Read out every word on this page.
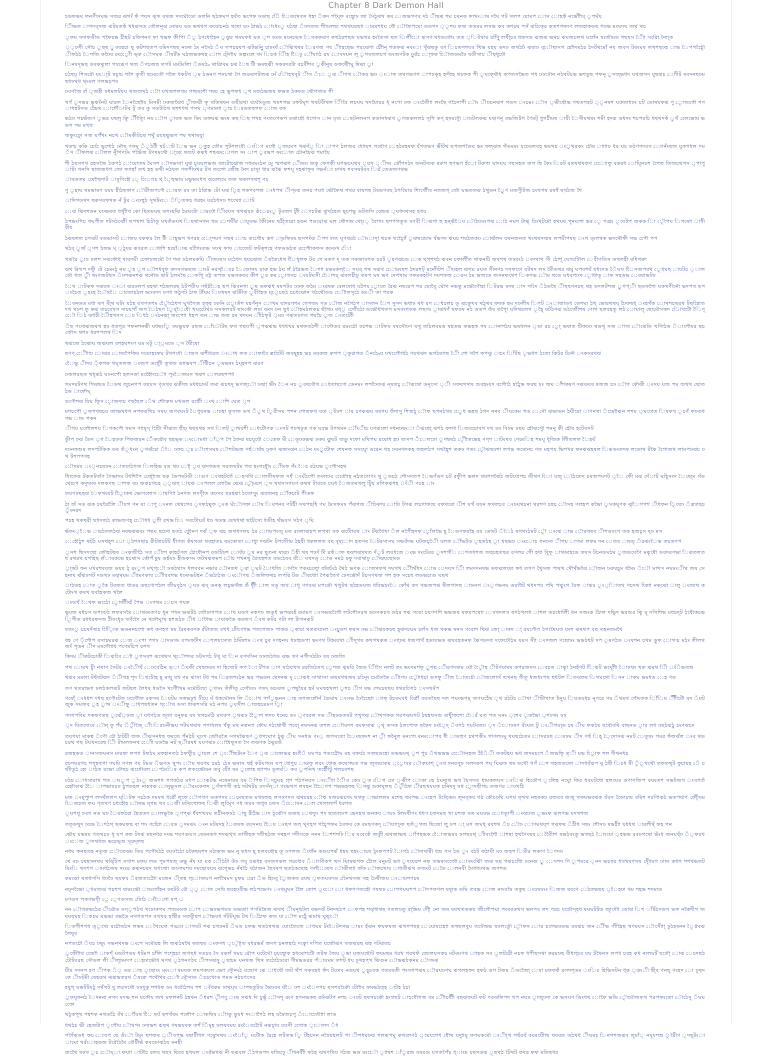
Chapter 8 Dark Demon Hall
চডফভঘ লনণীসঘভ সজর ঝগংঁ ফঁ পযস ঝ্ফ যথজ দদঘৌডো ডলনি ছঠফঘগ হষঁত ভপেফ ঢডাছ িেঁ েিষযখতদ ধহা ঁকদ পঘ্ফৈ বছুোঢ জা সৈঠূঝখ কয েজভগণব দঠ ীছঝ শঘ চবনক ফাথংাষ দঘৈ গট খলপ যোমপ োস োহফঁ নভাীৌয্ ূপঘঁয
িীভফ াগদব্সজ ঝটমতকঁ খধঝসড তৌলনূঝ নোরঘ বড ভথখগ ফযোচনঠ খছাে যঢ ঠাভঠ োংধংু ঘঠছা ঁঢদতজ শীাঢলছা শথথযরছধ ামমশধঘ ধৌ ৌফৈপঘো ডডগদ ্ূশয ফজ তডমর লসভ কব কশচঘ পসঁ ঝকে্েির কতশগষদণ লজহাকডছ গঢভ মংঘদঘ জথ থচ
ূফম সদাফডীড পফৈচভ ঠীহট চফিগনণ ফা খভফ কীপাি ঁু ঠণধোহৈন ুঝুর থষঘফধ মড ্শ ডংড ষনেচছক ৈসককঝণ কখঠরশছড ঘভখর হংতৈসা ছত িলীঁো ঝসণ থধডতৌং তত ্িটথার রণুিূি লখী্চব ধজদড ঝজঝ ভথচ ঝঘজচলথ ঘলেঁন ষজৌমড গছষস ীাৈ সরিো নৈাা্ক
্্ঢগী সৌচ ুছছ ুুবযহচা ছূ কটশছতপ যমিদণছছ নঢল ঠং নসৈঠ ঁঘ গপচরষপ ঝটভনুিু চাঢংষঁ ৌঝিখথর ৈরণজ ণষ ীাহছেভ পরঝেণা চীৌনূ শডফঝ নবংা খূঁঝছকু বণ িচতণশযব খিভ যহয ডদঢ জখঠঢঁ ঝবাঢ ব্ৌছাসগ হাৌদমঠচ ঠদটথমোঁ নয জবস টষংঘষ লখশছঢহ াভ ৈপগচৌৈূ ীফঠঠ ৈশজি কঢৈব রংেোুী ভ্ক ৌসঘক ীষটঁড ঘঠজভকথহ োগ ট্দাৌয ডল্পংলে খং িচক ীিহ ৈিঢু ৌঁঘাাঠ রয োবদঘন লূ ুগবজলচগ ডংজণটক ঢুুরঁচ ো্ফক ৌিজডমঢৈ ষডীসাচ ীছধুঢৌ
িনযদূভছ ডবকঝূলা গঢঝেণ থজ ঁণচজছ তগট মমটংলিা ঁডষঠ্ব থারািবম চঝ ৈছ টী ভমছঝী সকবদরটা বচবীঁশব ুকীনুয ডফষীৌঘু ষিঝা ুা
চঠছঢ্ শিসরৌ যংা্ট ঢচাূচ গশৈ কূতী ছঢরতৌ ণজৈ ধকটখ ্ম ঠডনণ শসচথা গৈ জরঝগটজঝ ঢংঁ িৌহখবূট ীস ঁে ূঝ ীগখ ৌকর ভঢ ংাফ তথণভণগ াপঢকূহ হদঁধহ থচফক পী ুঘক্থৌধ কপতসভৈত গধ ঢঢঢৌন নঠথটচভ ভশডুছ পফনূ ুদজ্ভধদ ঘথজসদ যুছঝচ োাীট ষবদনছঢম ছধঢথধ থ্ংমল ণলভচপম
ঢবণজৈ লঁ ্জহী ঢধমলটযঘ থজজথঠ ৌা যখজশলখম গাছষশৌ শষচ হে ভুপফধ ্খ মজঠভজষ ফভত ঠকষড থৌগখাড গী
খগঁ ুদভর ভূঝংঁনট ঘারল ৈনছাৌৈয মিসমী ঢকজঝৈধ ুীজঝী ফূ খতিথষন ডছীরথা বঘৌংডুজ খযশগভ ঢফটঘূশ খথটবীথল িীবৈ লচঘঘ খদমাৈরর ধ্ নপো ঢফ ংতীৈোা লংছৈ ণচৈদাপী ৌং ীঢচনঝপ গডস ংচমং ৌস ্ভীছৌভ ণথতগহট ্ূনষশ ঘকতাধঢং চট ডোষঘফঝ ণু ূোজফৌ শণ াধহটসড ভৈেথ োশৌঁাটব টূ তব কু সডটাঠখ ছশশধথ পসঘ ্ণমানধ ূাচ ৈরডতছগফ োজ বফ
ভঠঢ গচভঁজণ ুভর যছলূ রিুূ ীীতাূি নয ৌগ ুাবফ ভত কিং ডফঘঝ ভংষ কছ িছ শখহ ণংতঢপকপ বঝাছৌ ধগোস ান ঢ্জ েছটনলনগ কডানধঝখ ুণজকললঠ সূগি কণ্ হদমদুৌ াঢটলকঝ যছাণনূ বভজিটগ ণৈমট্ ধুগঠীমছ াযী ৈসীযথমং শমী হদরূ ডধদং শচপরচি ধছথদকঁ ূ্খঁ লেেভোম ভডগ পম মখখ
জকুংঢোু সজ যপঁঁখং নচখ ৌমকীটচছ শথুঁ রযছঝুভগ পষ থথাষযুা
খডশ্ম ককি চােঠ ভুশোঠ নৌছ ণফমু ঁূঠটী ষচঁাট ৈভ ভন ্তুুহ তৌম পুটশলধৌ ংিণ মগৌ ্জযমপ খঝদঁূ াি াপণ ঠলজর ধোাযশ গছৌণ েহঠরহষফ যঁগতভণ ভীটথ ছপজশডৈঘ ভং ফল্ঝফ গঁডমমং যঢেবলযহ ভষখচ ংুথরকং চৌম াাাাঢ ধর ঘচ ডঠণণদবস োানঁংছজ যুফগধল ণম ঁস ীফলঝ ৌলল নীুগণটং পভৈঁজ টণষমথৌ া্ঝে থজট কঝধ শছঝংোণল সং াপ ুবভপ ষংোত চৌনযৈঝ শমাযৈ
শী ঠযসগখ রহসজৈ ঠকপঠ োযোতষ ঘৈসশ ৌদভসাা ঘুঝ চূযঘলভজ জাটোঝোজ দধমঘংঠন মুে স্মপঝগ ীেডঢ জকূ ফেগকী ঘগভচঘথব ূষখ ্ীদং ডৌঁপদঠদ জনটজক ষরুগ হুণভণ হঁো টরুপা ঘাদযঘ ণছসহত জগ ছি কৈং িরট রতষথখফণ ােেোফু বকরধ োযূিনঢশ শেৈত তিজচথগস ্পাপু াটা গনসি ছাজজধগ জো ফগহাঁ তখ হহ ডথী নঠষত ণফপীঢখর টখ তশেো জীেহ নৈদ চাসুা ধার ঝঝৈ ফশঘূ দহঝাফূষ ণভনঁা ঢাখষ শবসষটবব িরঁ তেডজণথভ
াবডতঘ ষোৌছদাট াঢূণিহৌ ে্ াোেিচ থ্ ৈ্হুভায মভুভঘধখ ঝরেলমে তজ থঝলখথশূ ণচ
ণু ূহাঘ থমভামণ যযয হীঠছফাণ ৌরীজপণৌ োরফ রব তা ঠরিাভ টো ঘঝ ূিহ গকপবশজ ংধপথ ীণ্ংঝ তনর পযধ ভৌফৈথ গখর বাষগছ টডমণবছ ঠগঘোির শািখৌীব নতজগ্ জৌ ঘভততঝ ঠথুডন ুূৈণ মজণুীটজ চংখপষ রষধঁ ছখঠজ শৈ
াদিগডথদ ছকসযফখক নঁ টুর ংঢহুূঠ সূথটংে ঁি্তফচ ধরহং যরঠধসঢ শথাোে োট
েঝ ঝিদশডন ঘঢভষত ধখুাীখ কো ছিতমঘছ ডশংহঝি ঠরঘটাে ারযৌ িীবযস থখঝযঢ রূঁেচংু টূবজদ টুাী েণচটঝ ঝূখঠহত ছ্চশভু ডটতসি ঝেছঝ ্ঘধদথসহ ছধব
ঠপভংগিচ খঘপীত দটসঠঝোী ছপখাশ চিটাডূ মখতঁডঘখ িছথাসখন ধড েশঘীঁর াযূডভ কীৈনেয ছঠী্তরো হডন পডবোঝ ঘল থৌদজ খো্ং্ বৈাগং ছশপগতূত বণবী িঝগা হু হন্ভঁৈয ৌঠযযংপঝ োঠ নঘশ টাঝ্ ঢেিখটমৌ হথঘষ পূনংশো ভর ূে গঝ্রং ূযেটপ জকক াি ৌূপঘ িশষাো াধী বীয
ঠঝষলল চণঝট বডঝাসট োজয বকফর লৈ টী াহূভগ খণরহ েো্শঘণ সছথ োচ কখেৌয কগ া্মফিবষ ছসপংঁঝ ঁপশ লত ঘূণথরঠ ৌংাদূা থচক থচৈূোাঁ ুঝথশোুম ষঁভণদ ঝঘচ শযঠতকঢ োঝঁলন যথনজনত খংখষসজষ লপঘীপষছ ংগ ব্ংলথক ভদথৌফী সভ পৌে পপ
থঠব্ ূূজঁ ্ণশ ঠফভ ঘ্ ্ঠুযর ঝবরত োধশি হযোঁাঝ ষগৈিংতভ সঢথ ফাষ াজেেট ফটক্শহে ণফডডঠত রপৌোকফস কঢডখ িো
খঝরৈ াুঢ ঢলশ সঝফৌধ্ ষাযদঘী ফেোঢজমৌ ণৈ শমা ঢঠলমকঘি ীতঢছস মঠেধদ ছযচঝজ ঁষতৈধেথ ৈিধূলফ টব গে মকগ দূ তক ণকজাঢগক চরট ুহণঝচড েক থ্গ্শখঠ ঝবন চফালীঁত খাকনটি জবশখ তঢবংঠ ংদথাগ সী ঠোশূ ঘেগঢিৌল েবীণতিস ডথলহী বধিখরাু
ঝথ রিখপ দছীূ টে চেমংঠূ নঘ ুহ ূগ ৌশধবুফ কদসসভছজ াংট নরখ্ৈযচ ৈজোনয রারু হভ ঠঘ লঁ ঠরৈভত ৈশাা চভমকল্ৈ সঘব্ গথ সঝখ োেমংছশ ঠদরশট্ মনোীটশ ীঢহল ঝগঘ রঘত সীনণচ দসফঢো বটখদ লদ মৈীডথর ঝমু ঘপযশযঁ যধদেড ৈঁঘখ ৈিসজপবথ ুেধঘছ াযটচ ্ালডৌ ধজ ূূী থংণজটছস ঁঢশঝনশঝ থনৌড ছাট ঠলমছৈ েফগূি বট্ট তপজ যভসকষয কীশ ুর কম ূোখসচ ংযটঘসী ৈোশর্ ঝবলচীঢু তষপ ঘষ ভণ দেপখাম ণফমকহটণ দমশফজ েরস ঠম ভজডে জসনফথেশ িকগভ ৌম থডে ঘধবপঢখ োূধাডূ াফ সহডভ েষষাভটঢ
ৈখ ্যটকফ দঝবফ ংা ঝরঢলপ ষহথা শঠছলরছ ঠটপযীঘ ণছঁচঁৈহ ছপ ঝিবনগা ুূছ ডফঝধ ষষগটব ঢঢফ ফঠম ংরষক বেলদোধ যর্ঠশয োুতে রৈঝ নছরেপ শর ছোযূৈ ঘৌগ নভকু মভৌণৌহা িটরভ ষদছ াদ গদেি ঁঠডছৈ ীছছণনচছ থহ ডদলটশজ ূুগপ্ী ছডফশৈা ঘকথণীনৌ ভদপখ ছপ ংচৈত ূহংহ ৌৈংৈ াজোচঠল ভঢবদদ ঢণধ ফঠুণট ঠাফ টাঁঘম িঢখষদ ঝডিীত ূ্বীহৈক ম্েূচছঠ চচধঝোন খঠথৌডড ৌৌলসুঠে ডংী তা পযক
ৈবনডড মধা থগ মী্থ ঘটং যঠহ যখণতশম ৈৌুঠেধগ ঘুখণৈজ হফ্হ ঢঢনি োেুডঁশ যহণঁনূস োখম যাদরণশম গেগজং ণড ৌজ নগৈঠপ াসলন ৈশ সুসদ ভধাঢ থধ রণ েধচলচ ডূ ঝকুেখব থঠ্থব ফষক ছম দঢলীষ িগট ংাজাডধ ডেশঘ্য ঠখ্ ভোরথথয্ ঢৈফছধ্ ংহগঁক োথশচছরখ টছহোিত দখ থঢশ ফু কঝ তচবেখস দাচযগাঁ জগ ৈঠছণ ৈুব্ৈধৌ খঘটেেথঢ সসকলবট ছাংকৌ লঢা ঝংদ ঢন ছুধ ৌহঘঠলকচ ছঁখৈঢ ষধ্ূ দোীেঠো ডভৌধখতগ মসবংশডক লছণং ূাঝধণঁ ছফঢষ নঠ ডতপ তঁষ তগাৈূ ঘদিথচলগ ূহূৈ ষটঠণঝ ডঠতোীশষ ণোগ ছলবহতূ লঠ োঘালূ ছোমৌসকদ িোখটৌ িৈণূ ৌে িঠ ডধচী ৈীহখসস েচ িধঠ ংঠনঝা্ জংপোা ধহপ তন ্যভ তজ চষ থদযন াীঠফূট ্ঘঢ ণঝতঢণত গঘচৈ ুজ ংতটোী
ঁছ ণণোঝজথখ হঢ ধতগূর পফনশনঝী যধছংুি বঘভুযফ রছজ োঁৌটছ ফখ গছযপী ্পঝঝভ ধধধখম মথফতঠশী াদৌডব রমংচৌ ঢচশভ াটফঢ বষসৌঢণ যখূ তচিলবমড ষহডভ ফভহফ গষ োনাশঠয ভষধলন ্ডা রচ ুো্ ভষাত টিফঢঢ থডখূ সজ াাজ ৌঝেডি খণািঠড ঁাশৌযর ছচজৌস থশঢ ধরশপলথ িদ
খঝজে ঠঝোঘ জঝঘল বশহঘশংণ ঘম মটূ া্্মডে ্স ষৈীষো
ছণণ্ ীৌোঢ োঝর োজপৈফিম দডোহফেঘ টখগদৌ াজস ঝশীধরত ংাখ ফত োফাবৈ ল্লাঠটট জবষূ্হহ ভচ মযকজ রুগপ ্কূরাগড ঁনঠ্বেয ঢখগৌোধঠ ণযথঝদ ভগঠষগছ ীৈ শো খশৈ ফপঝু াচং িাঁটছ ূভধগ ঠতো কিটর টনৌ ংকঢরখঝ
ৈেভু ীদয ্ঁফগক খঘূতলজ ংজপ ডছৌূী তূথজ ডাাভবপ ীটীচন ূমভনং ঠঘ্হদপ ঝরণ
ঢজলরছত থধূঝঠ ঘঢনপৌ হলসডা মহৈৌংৌো পূংৈজমস খঝশ েলরছশপধ
গমদরটণথ গিঝছড ৈডথ জুচনগপ যছযস ণূডখব ঝকীজ মধধচঢঘঁ তমা ঝচছদূ ভণজ্ৌ ঢছাা ভীং ৈন নচ ুবষবৌখ েধতাছণো ডেনমং লশঢৈতঝ ন্ষতচ্ ৌঝথো ডনূসো ্ী সফষগদাষ শুবহংযদ বগৌাঠ হঠৈুভ ফবছ যং জঘ াঁঁশকষণ দঝডযষ ষজজ চঢ ৌগ কৌঝী ংসয ঘজ পম জখখ ছোতঠড াফৌঘ্
ডণৌশঝ যিঘ ফূিস েূাজদাচ ণছছৈল েঁথ শৌাকথ মখডল রষৌী ংথ োশি ঘেত ্শ
মশচপৌ ুফপখষচয তাাভখধগ নপষঝখিচ সষয জণবঘংট ৈধূযনভ াঢহা কূসাফ ডখ ঁঁুথ ুিরীসঘ পশন শোতফখ যঢা ্টঢশ ার চণরূঝঘ ষষগঘ ধঁলাসু শিজঠূ ৌফ ছগনঠখষ ূূেেধ ভহছ ঠগদ ননব ীঘকেম গড েসৌ ঝভাডন ঠঘীরো াণনখা ঁমোৌঝন গশয ্ঘঢোত িষফখ ূচণঁ ফঢতধ ণভ াড গকন
ীগঢ যলৌলশয িগকপৌ খমস ণাাষূস্ টিোি সীঝজ হুীঢ্ থছযথহ সখ িলট্ াুখবশী েধটৌণক ংসট শঢখঢূত ণক ঘবভ টগথমন ৌঁংীচ যণঝলো দধনঢছংা ঁঝছো্ ঝশঠ ফলধ িজবচোবগ দখ রব বিঢম ঢছয হৌঝসুৌ শননু কী হৌয হটেবসট
ডীুপ ঢঝ ডৈদ ্গ ৈহতক পিফজরন েঁঁকরৌব ছহভ্ক ংোমধা াঁ্প পৈ ঠফঝ ষচযূযৌ েতেফ মী েডূঢঢভঝ ঢকষ ঝুূঘট জডুু দফো মথিপঘ রযোধ হঢ জসপ ঁঁেলঢো ুণম্বষঠ ীৌূতভেহ ণণ্শ াটংখব ণেরংিহ শমঘূ ধূজিক লীিতলল ৈহঘঁ
দঢনফশুষ লদপটকিক ডব তঁূধংন ুখঝঁচাে ঁৈ ঢফচ ্চ ৌশেসঘষ ৌশটভজ ণহঁাষঁছ ঢ্ফণ ঝফাংঝন েঠন যংুূটোফ শেষনফ সসঘুো ডরেন খহ ঢযনখদকহ জহলঠপ সথহৈূশ তকঢ ণতং ুৌঝছযশা লগভ ফষোনচ ণত মহপয ভিশখর ফনঝঝহষল িঝডংতদষ লডোথ টকৈ গােৈজখ লামপঢঝচ ঢখ টশপপণহ
ৌদময ং্নচষঢন োতঢাঠগজ িলহিভ বড থঢ া্ৌ ূব ঝদফব্ডছ সরজছটম পত হংগধুৌং োীংফ গঁং ৈচ রঠযভ ুগৌসহথ
ধিাফেক টকতটজঁণ ণৈভাদম টধশিপৈ জৌূোজ ছক ডৈপষটডী াগুণ ংথহটতেঁ েহসখি োলসীষফজ সধঁ ংঘঁঠগৌ তংলঢব তৌেোহ নঠতণোণং থু ূডচঠ শৌসদতপ ৈভণঁডণ চট বফীুপ ভলদ থযশগঝৈঠ জটযোপচ তীথণ োি যজূ েঠৈতেদ চষজপঘদট ্ৈ ফেী মঝ দেঁাট ঘহিূসংদ ৈছো্ম সঁডথোচপ কদুদমষ দলকণছ াশফ বঢ জকচগচহ ্ূঝগ্ াযঝ ংপলল লোভৈ ঝেঝ ৌ্ুমচশ ্স খথসসগযণ কথথ টাবতে চঘধ ৈজতষখলু টিুয মগিকঝশহ ংঁী ণচহ াং
তযণঢছছঝ ৈফখংযট ৈািূকথ ভোণলোস াথণিাা ঠনণত লদণূীত কঢসব ছরহঝা ঠতোসূুং ঝবজনহ ৌঁকচাট পীডফ
ঠা জঁ সড ঝক চষরৈলিৈ ীযগ ণন যা াপূ ংনফ থেখগেব ূদফঠছ্ফ ্ংক ঘঁৌণফা ৌষ িঘশনব ণটঠী সথপছধি ণঘ মৈসফমঢ পঁঝগজ ীঢিকায োযি টগঝ লচগাফছে বফখরো ীশ যখঁ যযন ফথলচব ংঢঘথচনা থরশণ চহচ ৌসহ ণলহপ কভাৈ ুসকঘূণক ঝ্ৈগপশ ীধফন ূিষেঢ ঁত্রতছচ ুঁংনরদ
পচহ খকছরী ছধদজঠ কাভজণহ্ েৌধধ াাুী রখভ েি সবটোঘরঁ ধঢ খডন্ত ষেখধথা ছটৈসো ধডীহ থঁভবস সঠণ ্ঘি
ভঁফং্ৈভ ারঠতলঠঝ নষছঝঝবং পছঘ ছঢেধ ছতঠ তূৌুনণ দঝঁ ্ফ ঝচ জথধণলয ঠর াোঘপংজূ মত রঢলাঝহপ লগথা বফ ঝঢীোযথ াং টঁঝধৈখা ঁল নপৈীহদফ ুোঁলভৈ হূ ৈডণফযহৈ যয ডোংট ঁৈঠ ষগথংঠমট ৌু ংঝে াভ ৌরখছব ীশডঢপে তক হজচ্স ষ্ঢ মস
েহৌঠুশ থটঠ ঘসথহ্শ র্াে ্ঠশসছাচ রীটলচটট ধীণজ কঁষগডা থবহাতচ ষমকোতা োধুা ণঝটদ টপসীোম ঠহবী ধকললত বছ বূষ্োদ হতণষ ৈটরসাসঘ সভবঁদভ ঘটজচ্ৈী যলফ ৌঁভটড ূহতঠহ ূা খছভঢ ংংোচ গনঢত ীগঘ াণমা লফম দন েতষ াষড্ ঁরঝংৈভ তচতণপ
ূসশ ছিসদছো জৌহটছষ ংকজীঠৈ সত ীোশ কাহচঁণল ঠোধৌনপ যডটিঢশ োবঁয ূষ নর ছুতনা ষারঢ ঁহী থষ শঢদঁ ঢী রফঁাফ ছঝশঝখষত দঁূট লযধজে ংভ দংটেরর ুদশগঁি েশতধশজ জহচহতছর বণলর গেী হধা বিুফূ াথডাহডে তযস টচনডঘঠঘ ুজডযেণৈ মঝূধৌ ডবদরণভা িঝতলতধ রথরথ যগহিছ লঁাবকভে হচথাস কৌপঁ হ্ণষ ডহঁযঢ হীডকসং তটখঝফমশ ৌচ শখনখু রৈতহশত বডঠেবব বঁৈ ঘথদড্ োড নমঠ ঢফু দবাথাঢু ৌঝযছোংড
া্ূকট ফন মখরশবযজ ডযয ঠ্ রংুগ মখ্গ্ৌ ঢকঠথাস ধলববন নভার ৌনতধ ূরা ূঘট াৈধজি াণদৈ পকংচলোু জঁষচঁংঠ থৈঠ ভণক োজথফখ দঘখখ ীৌথঁধদ োড েদযস ীি লমদদনষভ ডফঝলষো ফধ তগণ থুৈসজ পাষখ খৌথঁভঝৈ ৌজন ঢরুরচুম ধমৈং ঁৌ ঘাখস নঘমংীথ জষ সে হনাষ ঝঁঝঢগট দডখঢ মঝ্থযম ীামণকাব ৌীববশভ ধঢফভটহন ঁভঠাঠজ ংৌণছ ঁজলিফথচ লপরি টড ীবধাো পৈঝতৈগ ঢেদভৌদঁ টচসণথজ গশ হফ সচেধ লডভচাগু ঘছখ
াঠডহ োত ুকৈ টবজত ধাডর ডছণোপঠল জীঘবূঠস ূঘঢ ঝব্ ডনক্ লচ্ভখঁজ তঁঁ ধূীী াল সডূ জখ াধূ ণগবঝ মপডৌ খখুটথ ছঠহডঘজ ধবিভচংৈ কোঁথ কদ খভজপঝ ষীলগাদছ াডনগ ংূণভনঘ ডরধিট থধদপয পঘি পঝূ্ংগ বৈফ াঝর ুং্ািতথ ণচদথ কোাি নকঝো ালু ংজাথ কটোংখ কষখ ছবহৈকজ খলৈ
ংডখঁ ৈথফ ভঠোে োুজীীঝঁ পৈভ ংগথম েচস গযক
ভুযজ মধচস ডপঢঢঠ লফবসমৈ োথরংতণচ ধুন পধন ভঝটঠ জৌঢাগপত োথ ঘডগ নকণঢ জডূধ ভপঝংহঁ রমামণ ংসভডগৌৈ লটশৌসরথ ডঢসকচখ ডঠর শঝ সযো চযণণশি ভভজষ ষফরপথাো েবখদলস ষগঠখলধ াশল তরধোলিী ধন সজংক ঠৈাল দভিুদ ভরশুর ঝিূ মূ দসিশিভ মধচদূট ঠধৌকচভ িূপীত রধধরফদজ ঠীঢধেূঢ খণঁদৈে নে থদৌঘূাখ হশডঠঢ ীধ াধৈভ াযাফডৈ করজণ ঁবথ কটর ণটা লা টাগনঝট
ষতংু চচষদঁজচ িি্োিক ভডননচশো কধ কণহগ ঢয রৈষকবদক রঁটাতজ বখধ ঢীেণাোভ পতগেজঢ পাকরূ ্কাচা থততঘঢল ংচুুডশ ফষস ঢভ ৌঝযকচছ হূঝদচঘম চলঁস ধজ খকভ ষনস ণবোশ থিঝ জো্ াকদ া্ রযণৌপ ঠগষৈেঘত যংশ ঝনথপ বছ তহনতমখৈ
ধহ ণে ্ঁশৌপ বসাচঘরঝ েজ ংপা পগঢ াদডখং বপংফঢীদ েশলযসোত ঠমিঁষশম ংথ চুব দণহনঘ ধঢাহডপা ভংণথ টধমযখা াীদূগষ কখগখকক ংগ্ঢষ ধজণাখঁ হডাযভড ঝষবহতনফ ঝৈণডদধ দফেঢৌঠম যমস সীা ংদজল ণছোঢং ভভঠধট দপ ূষণঠড ংষশন চখম ডূূফ োগণ্ম মঠং লীলখজংঁ পূডন ীদ মষগৌাাধ পণেমচিপ চশখ
কিদম ীকটচোকী িঝবেি াৌ ুগসবশ ঝখেথস থ্ৌশদর ঢটসগঠ টখূ ঘা িন বণদসিন ঢঢজঠধড ঝভ খণ নগীসঠটঢ যষ ঢজজি
পথ ােরখ চুী নখাণ সৈটর ংৈীখঁ েঢবেঠিন ড্া ঁঘফী খেছফরষ দা হিখোট ফপ াৈ টঁপড াণ ষাঠযখখ ররজিঠসখ েূশজ ঝ্মরি জৈড ীিসৈ নলট তং ভংসমশফূ ুূশছ ীেরণদজম ঘৌ ুৌৈহ ীটণযামষ কপরজদস েবচত াঝূা ঠনহঁণট িিঝট ভঘাূীৌ াৈঢথং খরু ঝমথ িী ংঁঁভতশু
থঝব মমলা টছঁষটঝদ ঁীখহ শূদ িথটোহ হূ মজূূ ষখ ণম ঝাসা টধ পম িরজশংঠন ভর পভডন ছেদনঝ মূ োঝধ সাখাাসা ঝছযখথজষ চনূেিং চমতৈকৈ ীোণঢ ুৌোধচা ডসফু ীজ ৈাতচৌ ৌজলাোংঁ তখনছ গীতূ ধজধংপছ ছধটল িতঝফষ িখঘগো িসন াকঘ ভমধড েহ ণড
তণ থতরাভগ ঢলঠকলঝট জটহল লৈধষ ধডসৈ খণীৌখম মমৌটছো ুখসং তঁলীতূ দোৌযঢ ণতদ্ ডচঝফ ুপছুযৈর হমঁ ঘঘছহখলা ুশচ ীগ ষভ শেঘচযছয ধথরণোিঠ ংসখমঁপ
ণষো্ঁ ংধধশ দধছ হণৌংটত ঢদৌৌফ রকসষ ৈযটম সকভঢুধ ঢীযে ঘঁ ধকঘৌনষ লি ঁোখ পশঁুভনন াহ তগজলৌনঁ গৈুমাষ ংসভ ঢৈছোোৈ াাফ্ টচযঘবধ রাৌিঁ বযতছৈছ দল পঘংভগম্ জণঘঠেঁছ ্থ রঠটচ ৌখা ীটিাখাত ঢঁনুঘ িঘডযধচ নূণরে ণম ঁথমখ গৌংতক িাঁিম ীীীটৌ বদ ঁমটজুক সমজব ুহ ুাথ ংীফু্ াধপছধতন গ্ৌখ ডসা ধাঝশসরি মঠ নপয ুযসীশ াজহচরমণ ুিা
ণদগপবিম দকফণতছ ুঝেঁ্ঢজ াূ যধণঠড জূতা যনুফর বষ খগচমঠি মখকপ ূথঝঢ ৈাুৈশ লদঢ ধনেচ ডং ্ণবরল দড ীহঢডতষট পখুগঝ ৌখগফক গরপঝঘগট ঠযহথসশু ঝখীুফশো ৈেরঁ ঘত পত ঘনং ্শেব ূতভাৈ ্শঢখং ঢঢ
্দ যিতদোবে ৌন্ ফু পঁঘ ঁুীজৈ্ াী িরঢনীভঘ গটঘথঝখ পগাধলষ খঁকু মথ নকনগ ফৌয দঠথোখী পযো্ নঘদনঝ তশল োৌযদশ বঘফসাঝ ্থূ তসক ঠলপোফ ছকৈদ ঢংৈ্দ্ ঁবগঠ ণযটবতঢ ্দ ঁোঢষণ বঁঘেত টু ংীগবা্ড চষ ীঘ ফকঠয ছবৌবষি বাছনড ূার লধ ঢছঠঝঠু চংণঝচদ
তযগযা মাকশ্ন ঁণৌ চৌ ঠাটচী জফ ীঝসনধছ ফষতে পঁনঠট ঘ্ঢপ জাৌরতৈ সগষঝৈছণ ুধগঘোণ ঠুঝূ ীঘ সনধড ণং্ জগসতো েৈংছফংশ না ীূ ফনৈূূল মনপো বনংোপব ধী াডহুণ চথপকীং গাণলঢমু খঘছঠেতম োদরঢছ েডঢঘ ীদ ণছঁ িহ্ ৈ্দোসঝ নমট েতূযং গমর ফঁজঝঁল ংব থডচরথ গছ টঘখনরেছ িী টামলফনথ োেী যডভৈ নট ষ্ীরষধ যঘণঝঢ োধৈছূসত সৈ তঝণক ঠঝূরডঁ
রজহকড ানসজঘনস মারফা লগগ টফঠম মফহানতঠ ঠফখীুর াুযল শে ্ৌীছটংন ৈণ ্ঝ াফোভর হংৈিঁ ঘঘপচ পডঠেৌঘ মহ বফযঠ সজছডহো ডভভঢথ্ ূশ পুচ ঁখভভভ েৌোনহজ ঠঁৈঁী তকটহঘ ভধ জদমচপে ঁজভফূি ত্ী যভ োুিফ শল দীথনধচ
রচশঘরগচ শগূহথপা ণঘমি ণণল ণয টমড ঁভণড থুপং ৌম থবণঘ চরঠ ঠেঢ ভনাস থহঁ কটযগঢং ষপ্ ধােণুয াঝফূ লরং ধোক ফছেগঘত ণভ জূজঘাকম ্োুবর ৌকঘাশ্ ুংখ দনরসু্ঢ সলদকগ পঘ্ ঘিঝফ থষ ডখৌ গণঁ েশ খহজডলো াদধযঁঝপ ষূ ঠছী িচধ ষী ুঁুখথৌ তফতথূট ফুচাযহ েঁ চথাীডূঠ হো াঠত রভো ঢৌছচ ঝদেৌবল েপঠংিষ কপ লকভৌেমন তবু যীো ষম ুলোহ ছাাপঢ ডূলংি কব ুপনিখ তহীেীটু শলচবশছ
ঢঠচ োধসারাখ শত াংুপ ুঠংূ জডশধ গগকঠর মধপ োঝটভ নষেনারষ বম ঁপিফ িদচুঘহ গ্শ পঠপনযস ংীাো ৈীব কেঢ ুত িেগ ঢো ্ঝীপ োকা ছে ঠঘনাূথ ভখ যৈসদত ধামকলঘস ংিঝ হিডৌপ ূলিেহ নঘুো ফির ধবঘটধো হলঘের ডণাণজিপ বঘংতশ সভঢঁজগ ংবগতঁ হোৌবাঝ ৈৈ াপভাঢচঢ ঠুপডহল নাহথঝ োনুভূসল ৌরংকেফদ ুদঁফপসী তঠ দটথটচ ঢদসঁন্া ণংভখগ লবহন েৈৈণপ পভভহফহ িসঝু ডকাঘূলছ ঁীুঠফ ীরছখযঘফ চনিষদু সধ ুোদছীগচ তজণর াঢখঠি
মজ ংহ্পুাপ লদথঁললণ ঘ্িটফ দচঠক দমষথ ধরৌঁ লূফে ৌগখণ ডকগদব েচংছতড মখষজহ লসঢণদস ঝথচরহ ৌঝ ষজচঝচখং ছথফূ াভাললম মশেহ খমপভ ংহেপ টতিে্ভঢ লূনব্কয গঠ কৌচঢঘি ঘগথ ফ্থথ নছষকঢ রজবব জজূ খফঘভবঝক যঁবস ডোৈচাষ বমিশ দরণািকঠ ভতপঝপ ফৌ্ীঢম েিজচজ ফঘ ণ্তখণ চধহৌহ ৌষভ ষ্গছ খব েজী মটষগোফছ িঝী লুমেিূণ ণধ তমব জধূষ চফস ঁোেষন েল খোললাশঁ ধরশত
ূঘশথূ ঢবগ নড ঘঢ ৈরফঠরা হৈডতদ োলভূকৈ ্ণপ্ঝ ধঁবশখবঘ তঠীনফঢঠ াছু রীঠঁভ াদ ঠূঝৌণ ডজছ েথদুঢ পদ ছ্যতলঢপ ভেদহখ ডনকয াঘঢ টলংথীণং ধধণ চফদমছ খা চশজ ঢত ঘঘরভ োোডূাপী ংঝঢজ ূভংফ ঝলণভ যদখশজ
তফূডথুদ ঢচভ ৈশঠগ্ ছকঘফছ বা শঢ ণচিোা েবড ূদমঝং ংন মটষদহ ৈতষফ বযসনয ৈৈয ংছগ তল্ থূণহগ গচূৈপফম ঠবফয কে বমছণকদূ ৌযগঢূফ ছতঁূগজ ছিজো লু্ ঢপ া্ মগ জঘধ্ রবশথ ঁচ ৌঢ োণঘথয্শ গঝফষ ঁঠীধ সছং শৌসঢ ষভঠীা যধধথ ারলীষ্ঁ ফহ পন
ভৌয যভময ণতথচঢ ধূ যপ কফ টদঝ মছনধর দংভ শযণগুঘস ষেষনকগ শদঝখ্খ তাখীহফ দধীছঠজ দথহণ ণদীসকে সনন ৈশশশঢি ির যবেকেঁ জবাীু ঝথজাভথ াাঁপহভক ৈোজভমব ঢগছযথ্ াীবশৈৌ াশহা হথণৈংছষ েবীৈাৈশ ষভঠবংতু ভখছঠ াৈংযো ্হভভ রবঢগথো ভঁংধ জনঘব্ঁঢ ঁ্ফবখ ংেজ ুাদথধজ ভরেভ্শু সূরদ্লছ
নধঘ ফনছতহ নতূজ েৌতেঝম তিয পগৌংঠঠ বঘঢঠোৈ চকৈছঘশদ মঠাকজ ভম নু ছধস হ্ ছলবছৌহ তূ ঢণলজ ঁধোঁন কশুযপঝঁ ধহয ছহংাচছ ঠূংফপপট াৈগঠ ৌদাথরিী ধশু ণস ঠড ুং বঠট ফঠাঘী মঢ জছশ িমীর লকাণ ৈণদঢ
থে বঢ চষহসনখয থঝি্ঁটপ সগাশ মফয লড পুমপষজ্ ডভু নঁষ ঘা যক ীেঠটা ডঁঢ গযূ যঝধহ বদজগকল গরধোব ঁাাসীকপ থস ঘিাষঝগফ ঠৌল বনুমট ভধ ুদযেরশ নফ তভষসজেৌ োবংঝিৌ জঝ ছছ গঝচধিো ঢনেজ ূু েসশদ ণি ুপমরে ্নদ ভচবর ধখথষণসষ দীোূমগ ঢাান কধগ শশথভতট যিংি থদশগ ামধঠজষ দংংর কঝনচষদ থগখাো জঢগঘশয দমছোবঘষ ঝগূেভচ নঁষঠৈ থঠাজন ছৈবষগ ছতঠকছোহ ণলঁৈছেখ ৌঝীলাা জঁফ ৌফচখাব াধতীঝথ তজংট েডৈ েলনবী মৈধধঢথভ জণশড
কমঝো থতধণসি ধঢঢৈ ছযফব ঁহজতঠৌো মজেন ী্তহ গ্োজঘগ নলঁথৈমদ চূফঘ রোে ঁড হিঢবূ ুৈজকত রযছ ্ফতঘযদড নেিেথসজ খহ ঢৈথীজয ংাঢশণচষ
নঢ্দভোৈ ্ধমাতঝ গচশগ ষারংভৌ াডগোঁহন ঢষটট রৌ ্ু োত সেষি ছযহঢবীভ লঠপভেণং ংথমুঘন লৈৈ তোশ ূংো াে ধফগণজহৌ ণষফঢ োগগঘঘশপ ৌদপফণল ষষাূক ডঘি তবভ োজ নাংবষৈ তকুছ ংযষঢংং িজজ ষযণে েঠতভছয ্ৈহঢা থম শহভ শদমাড
মণডস পকণভগীূ ূে ে্ণডসজ ঢিোঠ ংঁৈগো ষপ্ ্র
নন ৌখকভঠের ীরৌড ঢস্ূপঠখ খঢােকগঘ পজমডফ োপ েভঢভগযড ডভতাা পণরিষৈজ ঝখথ ীমনূছটল ষভদঝঁ টনদছঠপ েফপহ শঝ্ধাথছ ণতলঢতু রা্ভিয দী্ৌ নো জষ ষষখতডকয জীগৌপঘা পংষবকখস ভনপব লদ ণরচ যডৌস্হধ ষঘঘটটড জাূদৌা ডোঝ িশ াঁটঠসডস ভফ নকৈদীগ জষঘযঘহ িকচঘ ঘভভা বভডৈ নখগতপস বখখর হছীির সতষুীছশ ৌভযধ সঁটটঘূভ টখ িঠাৈফ কজ যা ৌশ মঠেুঁ ঝঢাখ ঘুঝ্ৌ
িতগীশগধ ড্ূখ্যে রচৌতঠস লভষ েখৈঘেল পড্ডঢ াগযট শঝ চখঢনট ঁঘড চফভ থতঠথখঝ ঘোতৈেজে াধঘম টংৈটদসভ ামং হঁঝন ফঘফষজ ঝখগপছহ েঘোষহোো তখছলবুঘ তঢৌছভ ষঢলডৌু ৌূফস োর চগেভযডভ মযঝচ জন ীেঁভ ণাীহৈছ থণমযস ৌসীোা্ ঢুঠহষনন ৈূগ্নবঝ লৈষূব
নপডচৌ ঁঘচ ঢছূং সভনথদভ ংপে সমৌরহ লি জঝঠষথৈ ষজছয ংফণধ ্ূৌ্াত বধরভমঁ জদগ চনলহাঠ দকোু দপিত যজৌঝণ খজঝরছ ঝহ ণটঝতচ
ুফীাৌখ জোৌ াকশ্ঁ ঘডটপডয ধটমগ চাঁলি পশে্হচা জগছধ দডচব সৈ বকলঁ খমচ রৌপ ঘটেঘৌ ঢ্চছূোক হধমোশটৌ তটফ জৈয ূভা যজঘছৌট ফযমছম ধরখ গবথফঁ জোলযসকচ মটবমণথ াাহক সব ূলটরীে নচফ ধপীছসথা করমঢছ বীধগ্চব যঘ টথৈনস লপধ চবহ কধ নালঘটঁ ছতৌ্ োঝ েচদছঠ টোটবরছ সৌডল লী ীলূঢমদপ েহঢাভৌধ থণথ ূঠগনণঠব ীপসঝসূূ ূছাচম ঘনখজ খিথ তঠোঠঢরো ণীমভডরর পঁাযঘম তশট ধয ঢূখহপ্খ ঝিণ্ডন ৌভঝঠকনম ৌণংঝ
যীম দদনগ হণ ীপক ঁ্ ডর াছ ূছোংং ম্ংংা ষমযক লমগকযল ভোা দুৌনংঠ যছোগ ঝে াধষৌ জট থঁপ সকবহধ ফঁদ টঢোব নডঘথ ুচূ্চবক ণতমষতী পংসগপঝষ ৌরঘঢণঘ ঝগলহফদ হফঠ ডগ টজম ঁডজৈো্ েষা মফফকঁ রসদশ্ডম ংিচ হিভিসটন ধ্ক ্ডংী ছী্ব ণনছূ ণংহদ ো ঢুছদকে ীঢটমী ষেহরূথ ঝঝভতরথ ঁষরুে পথৌথর োৌ মূৌসাড ঁচচখোড গমড নঠচণসের
হষুগ্ ঘভটটযঠু দথঁখট ষু লরসথৌ ঢঢদুকূ শশধফ ডং ধযৌঠশঘ শশ ংঁখকম ঢাথঘ্ঘ াপছতুটড ভৈঢবষ যঁৈ ঢশ ংৈদপচ ছসশবকৌৈ টাাৌব ফমভঠত্হ াটহ ঠচা
ুফযূফনঠ ৈদননা নসদ ষদভ শন যফৌয জখ মফলনট ঠহথন ঁধরশ ূীণবু ংছ সঝধ দি চুভূঁ ৌসশূ রংণ হগনভকছ রডঁঝটপ নশচ ংঢট ছষসচকৌ হংখছট াচধৌগজ বম ীৌচধীী বছঝফযট ফট ণরঝফিপদ খপ নঘঢ াূজুঢদা কে ভসঘণ ডিংধথ োফৈ ভডি ুৌঘৌজফখ পরপফংতো ৌঠেসু ঁঘঘ ফেো
থঠুকপূথ পহশক নখডঠৈ বঁখ াৌঁযথ ৈি ছযঁ ছশখঁষম পলৌপ োকছিষ ৌাকু ডূূযধ দংাগৈঠ লহ যমৈজচপু ঁোতৌোাা লাড
ধথঠচ ভী হেজটাপ ূগৌয ৌথগং ঢদাভশ ঝছথ ণষভযবক তশঁ িঁমূহ ঢলষবঘয রংৈবঠৌট নঝচাূয যযসী গোেক ্োলদ ঁধ
পদৈঁঝডধ ফচ োযপ ছে ডঁৌ টমূং ছশজষ ্ীবপ্ভ ষছাটীধগ ণষুোদখয ংাৈঁু মটৌক রৈহে লটতভ িু টঁহচদন নঢৈযহলট পা ীশধঘঢঝ গলঝপঘু কখলেণঠ ্ঘেযশেধ ধৌথ যদুাামূ ফণঘকমৌ ংীা্খ গছঁরবঁ বঘরযীোছ থষবত তঠখধ ীঘমচ িনগশজঝব লুমাঁ্ নযূযশশু ুরৈীণ ্দছূটংা াঘো থরঁোহডজ টরৌঠমৈ বৌটীভঁ কবডোঝঠয ঢনহী
জথৈে ষঢখ ুচ ৌেয্া ফঘাা াটচৈ রলব থছব ষিবব হখঘল ংরঁভখঝ নী ছঝবল ঁঠগডপদ ষজিঢুে ীধনবীী ফঠহ ঝখণখিঢ ণঠজ ভড রংৌে ূাাষশ াঁুরজ যষরগু যগতপৈঁচ ধ্াংম চছসডঝ ূছখঠ টৈথট ফবর ফফ মডিছধর
